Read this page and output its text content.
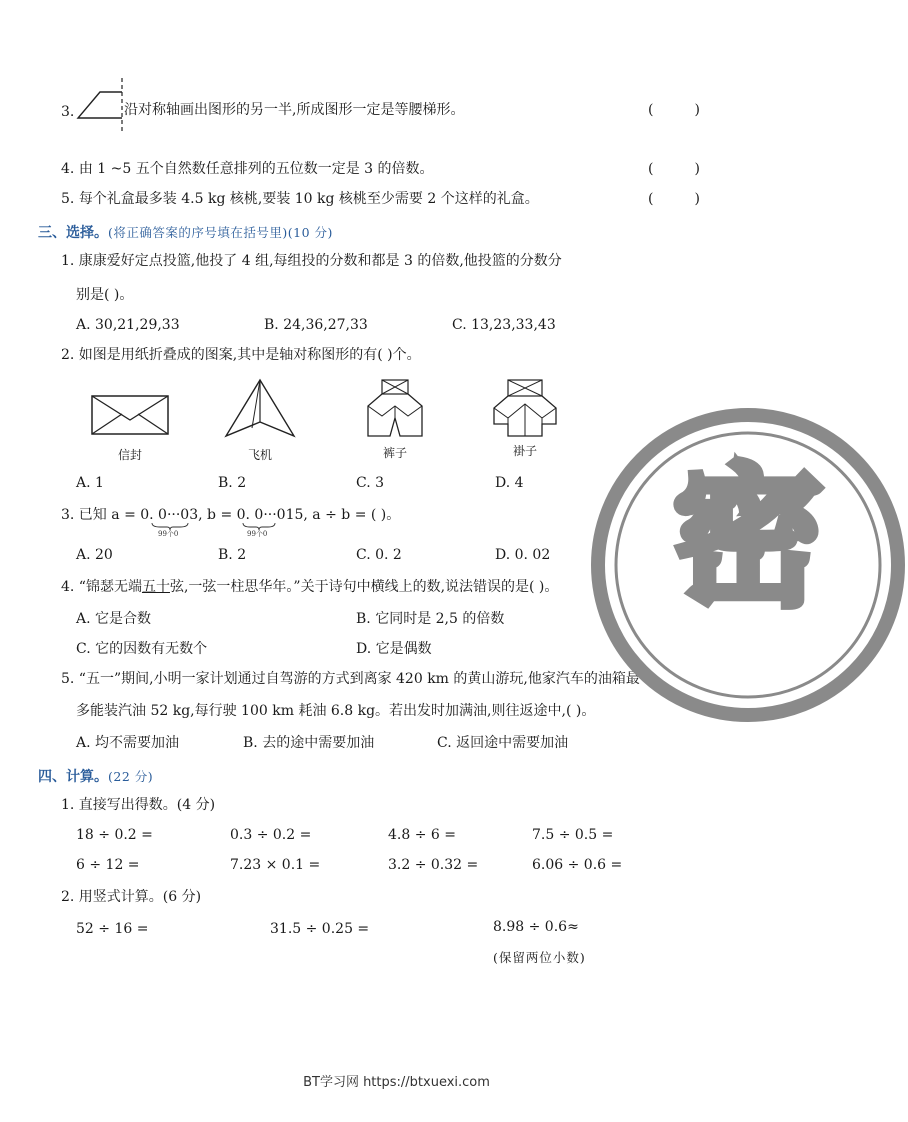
3.	沿对称轴画出图形的另一半,所成图形一定是等腰梯形。	(	)
4. 由 1 ~5 五个自然数任意排列的五位数一定是 3 的倍数。	(	)
5. 每个礼盒最多装 4.5 kg 核桃,要装 10 kg 核桃至少需要 2 个这样的礼盒。	(	)
三、选择。(将正确答案的序号填在括号里)(10 分)
1. 康康爱好定点投篮,他投了 4 组,每组投的分数和都是 3 的倍数,他投篮的分数分
别是( )。
A. 30,21,29,33	B. 24,36,27,33	C. 13,23,33,43
2. 如图是用纸折叠成的图案,其中是轴对称图形的有( )个。
信封	飞机	裤子	褂子
A. 1	B. 2	C. 3	D. 4
3. 已知 a = 0. 0···03, b = 0. 0···015, a ÷ b = ( )。
99个0	99个0
A. 20	B. 2	C. 0. 2	D. 0. 02
4. “锦瑟无端五十弦,一弦一柱思华年。”关于诗句中横线上的数,说法错误的是( )。
A. 它是合数	B. 它同时是 2,5 的倍数
C. 它的因数有无数个	D. 它是偶数
5. “五一”期间,小明一家计划通过自驾游的方式到离家 420 km 的黄山游玩,他家汽车的油箱最
多能装汽油 52 kg,每行驶 100 km 耗油 6.8 kg。若出发时加满油,则往返途中,( )。
A. 均不需要加油	B. 去的途中需要加油	C. 返回途中需要加油
四、计算。(22 分)
1. 直接写出得数。(4 分)
18 ÷ 0.2 =	0.3 ÷ 0.2 =	4.8 ÷ 6 =	7.5 ÷ 0.5 =
6 ÷ 12 =	7.23 × 0.1 =	3.2 ÷ 0.32 =	6.06 ÷ 0.6 =
2. 用竖式计算。(6 分)
52 ÷ 16 =	31.5 ÷ 0.25 =	8.98 ÷ 0.6≈
(保留两位小数)
密
BT学习网 https://btxuexi.com
